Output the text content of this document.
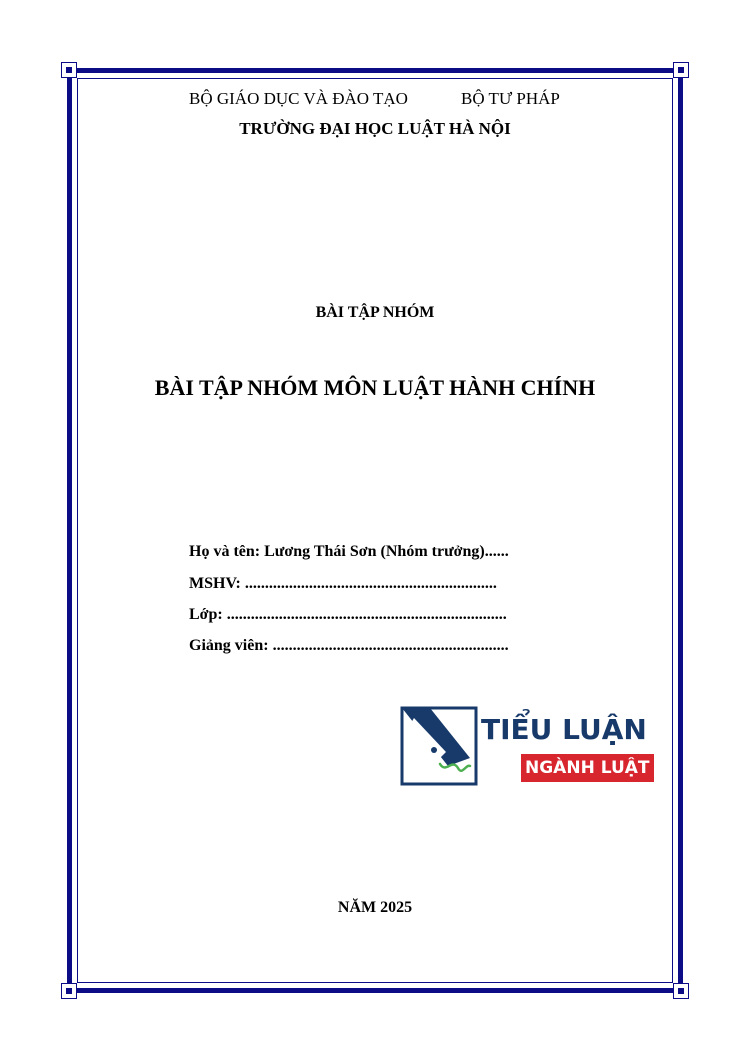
BỘ GIÁO DỤC VÀ ĐÀO TẠO	BỘ TƯ PHÁP
TRƯỜNG ĐẠI HỌC LUẬT HÀ NỘI
BÀI TẬP NHÓM
BÀI TẬP NHÓM MÔN LUẬT HÀNH CHÍNH
Họ và tên: Lương Thái Sơn (Nhóm trưởng)......
MSHV: ...............................................................
Lớp: ......................................................................
Giảng viên: ...........................................................
TIỂU LUẬN
NGÀNH LUẬT
NĂM 2025
